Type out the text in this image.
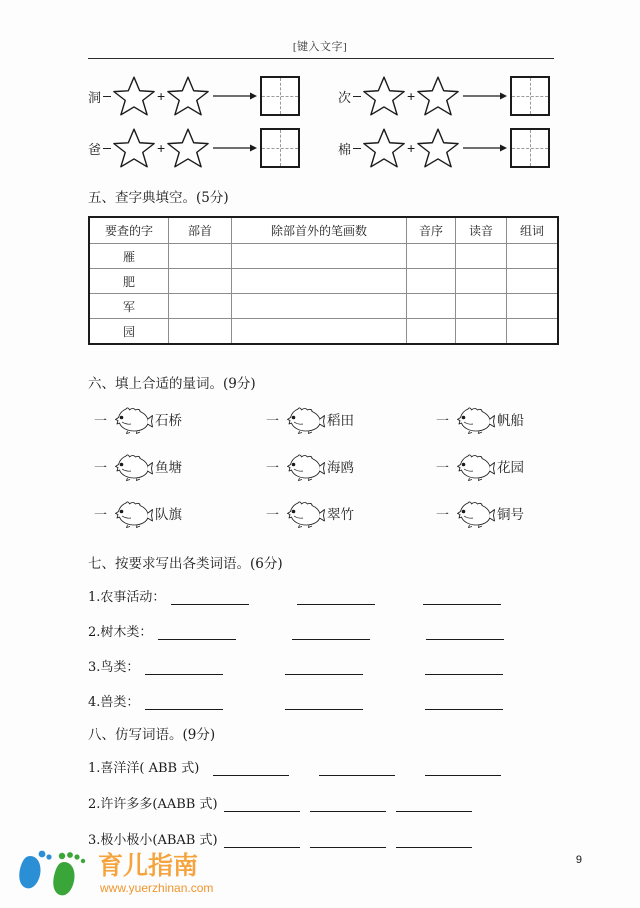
[键入文字]
洞	+
爸	+
次	+
棉	+
五、查字典填空。(5分)
要查的字	部首	除部首外的笔画数	音序	读音	组词
雁					
肥					
军					
园					
六、填上合适的量词。(9分)
一	石桥	一	稻田	一	帆船
一	鱼塘	一	海鸥	一	花园
一	队旗	一	翠竹	一	铜号
七、按要求写出各类词语。(6分)
1.农事活动：
2.树木类：
3.鸟类：
4.兽类：
八、仿写词语。(9分)
1.喜洋洋( ABB 式)
2.许许多多(AABB 式)
3.极小极小(ABAB 式)
9
育儿指南
www.yuerzhinan.com
